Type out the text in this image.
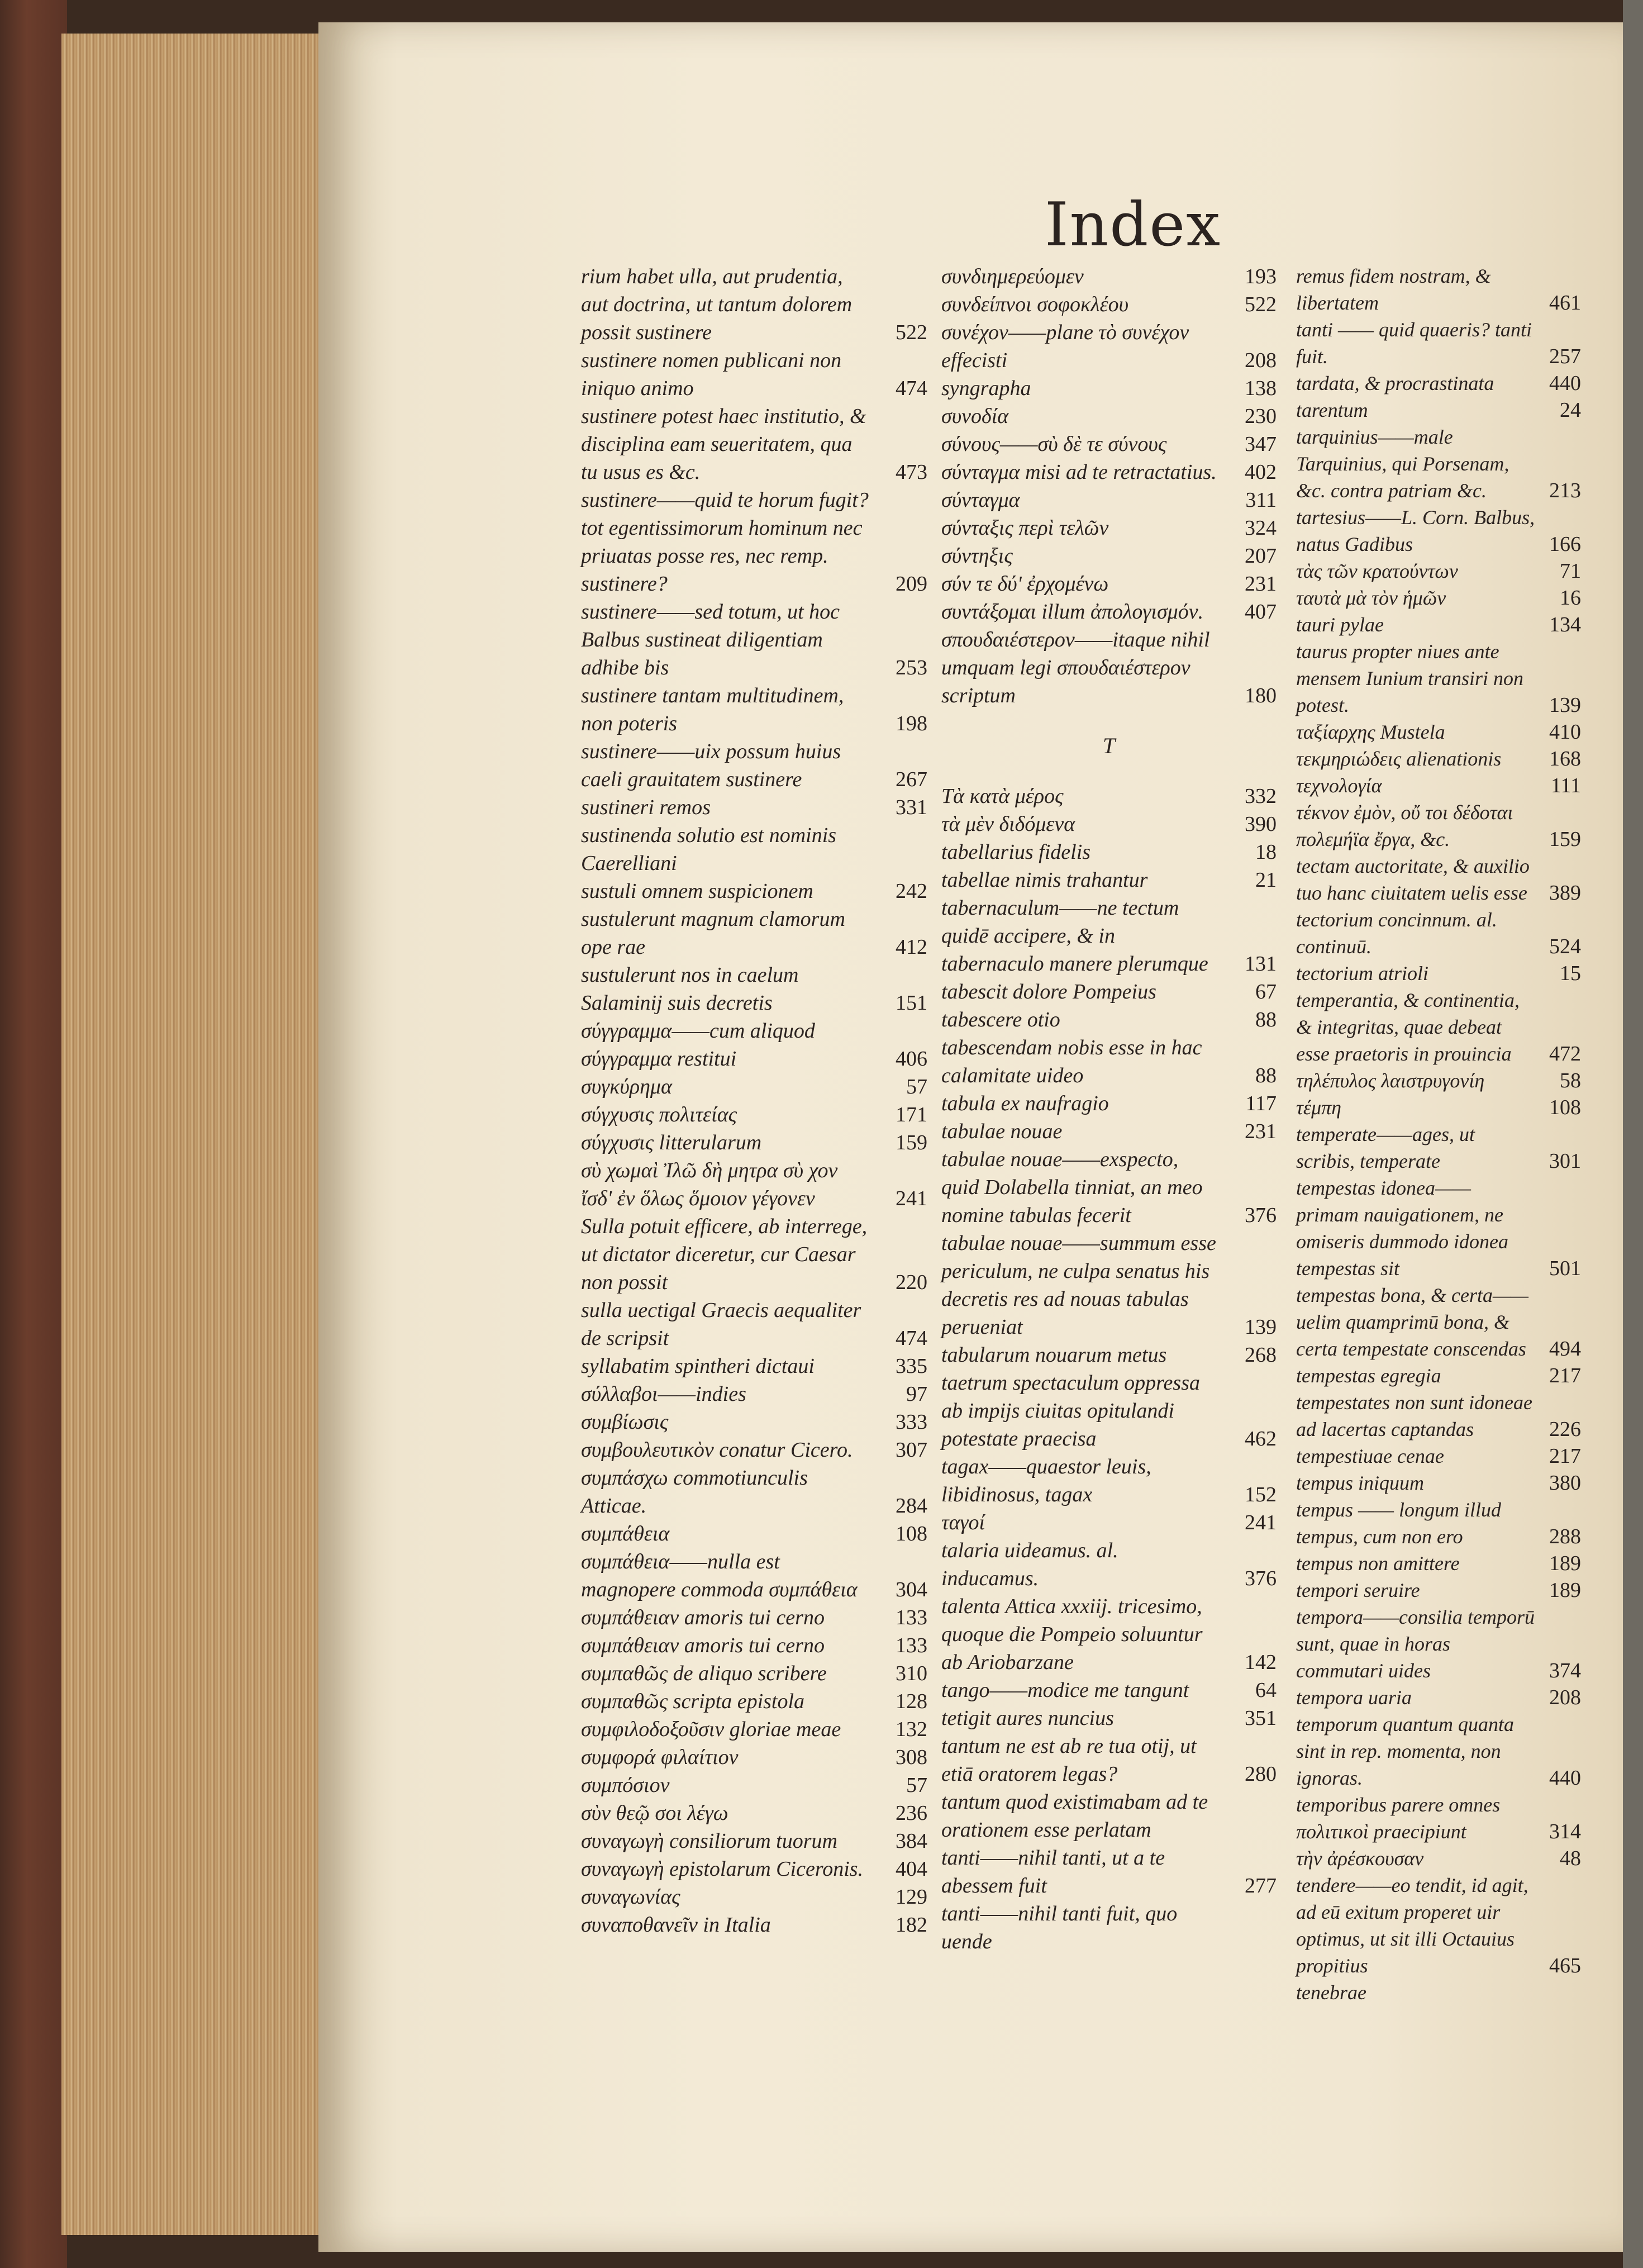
Index
rium habet ulla, aut prudentia, aut doctrina, ut tantum dolorem possit sustinere	522
sustinere nomen publicani non iniquo animo	474
sustinere potest haec institutio, & disciplina eam seueritatem, qua tu usus es &c.	473
sustinere——quid te horum fugit? tot egentissimorum hominum nec priuatas posse res, nec remp. sustinere?	209
sustinere——sed totum, ut hoc Balbus sustineat diligentiam adhibe bis	253
sustinere tantam multitudinem, non poteris	198
sustinere——uix possum huius caeli grauitatem sustinere	267
sustineri remos	331
sustinenda solutio est nominis Caerelliani
sustuli omnem suspicionem	242
sustulerunt magnum clamorum ope rae	412
sustulerunt nos in caelum Salaminij suis decretis	151
σύγγραμμα——cum aliquod σύγγραμμα restitui	406
συγκύρημα	57
σύγχυσις πολιτείας	171
σύγχυσις litterularum	159
σὺ χωμαὶ Ἰλῶ δὴ μητρα σὺ χον ἴσδ' ἐν ὅλως ὅμοιον γέγονεν	241
Sulla potuit efficere, ab interrege, ut dictator diceretur, cur Caesar non possit	220
sulla uectigal Graecis aequaliter de scripsit	474
syllabatim spintheri dictaui	335
σύλλαβοι——indies	97
συμβίωσις	333
συμβουλευτικὸν conatur Cicero.	307
συμπάσχω commotiunculis Atticae.	284
συμπάθεια	108
συμπάθεια——nulla est magnopere commoda συμπάθεια	304
συμπάθειαν amoris tui cerno	133
συμπάθειαν amoris tui cerno	133
συμπαθῶς de aliquo scribere	310
συμπαθῶς scripta epistola	128
συμφιλοδοξοῦσιν gloriae meae	132
συμφορά φιλαίτιον	308
συμπόσιον	57
σὺν θεῷ σοι λέγω	236
συναγωγὴ consiliorum tuorum	384
συναγωγὴ epistolarum Ciceronis.	404
συναγωνίας	129
συναποθανεῖν in Italia	182
συνδιημερεύομεν	193
συνδείπνοι σοφοκλέου	522
συνέχον——plane τὸ συνέχον effecisti	208
syngrapha	138
συνοδία	230
σύνους——σὺ δὲ τε σύνους	347
σύνταγμα misi ad te retractatius.	402
σύνταγμα	311
σύνταξις περὶ τελῶν	324
σύντηξις	207
σύν τε δύ' ἐρχομένω	231
συντάξομαι illum ἀπολογισμόν.	407
σπουδαιέστερον——itaque nihil umquam legi σπουδαιέστερον scriptum	180
T
Τὰ κατὰ μέρος	332
τὰ μὲν διδόμενα	390
tabellarius fidelis	18
tabellae nimis trahantur	21
tabernaculum——ne tectum quidē accipere, & in tabernaculo manere plerumque	131
tabescit dolore Pompeius	67
tabescere otio	88
tabescendam nobis esse in hac calamitate uideo	88
tabula ex naufragio	117
tabulae nouae	231
tabulae nouae——exspecto, quid Dolabella tinniat, an meo nomine tabulas fecerit	376
tabulae nouae——summum esse periculum, ne culpa senatus his decretis res ad nouas tabulas perueniat	139
tabularum nouarum metus	268
taetrum spectaculum oppressa ab impijs ciuitas opitulandi potestate praecisa	462
tagax——quaestor leuis, libidinosus, tagax	152
ταγοί	241
talaria uideamus. al. inducamus.	376
talenta Attica xxxiij. tricesimo, quoque die Pompeio soluuntur ab Ariobarzane	142
tango——modice me tangunt	64
tetigit aures nuncius	351
tantum ne est ab re tua otij, ut etiā oratorem legas?	280
tantum quod existimabam ad te orationem esse perlatam
tanti——nihil tanti, ut a te abessem fuit	277
tanti——nihil tanti fuit, quo uende
remus fidem nostram, & libertatem	461
tanti —— quid quaeris? tanti fuit.	257
tardata, & procrastinata	440
tarentum	24
tarquinius——male Tarquinius, qui Porsenam, &c. contra patriam &c.	213
tartesius——L. Corn. Balbus, natus Gadibus	166
τὰς τῶν κρατούντων	71
ταυτὰ μὰ τὸν ἡμῶν	16
tauri pylae	134
taurus propter niues ante mensem Iunium transiri non potest.	139
ταξίαρχης Mustela	410
τεκμηριώδεις alienationis	168
τεχνολογία	111
τέκνον ἐμὸν, οὔ τοι δέδοται πολεμήϊα ἔργα, &c.	159
tectam auctoritate, & auxilio tuo hanc ciuitatem uelis esse	389
tectorium concinnum. al. continuū.	524
tectorium atrioli	15
temperantia, & continentia, & integritas, quae debeat esse praetoris in prouincia	472
τηλέπυλος λαιστρυγονίη	58
τέμπη	108
temperate——ages, ut scribis, temperate	301
tempestas idonea—— primam nauigationem, ne omiseris dummodo idonea tempestas sit	501
tempestas bona, & certa——uelim quamprimū bona, & certa tempestate conscendas	494
tempestas egregia	217
tempestates non sunt idoneae ad lacertas captandas	226
tempestiuae cenae	217
tempus iniquum	380
tempus —— longum illud tempus, cum non ero	288
tempus non amittere	189
tempori seruire	189
tempora——consilia temporū sunt, quae in horas commutari uides	374
tempora uaria	208
temporum quantum quanta sint in rep. momenta, non ignoras.	440
temporibus parere omnes πολιτικοὶ praecipiunt	314
τὴν ἀρέσκουσαν	48
tendere——eo tendit, id agit, ad eū exitum properet uir optimus, ut sit illi Octauius propitius	465
tenebrae
